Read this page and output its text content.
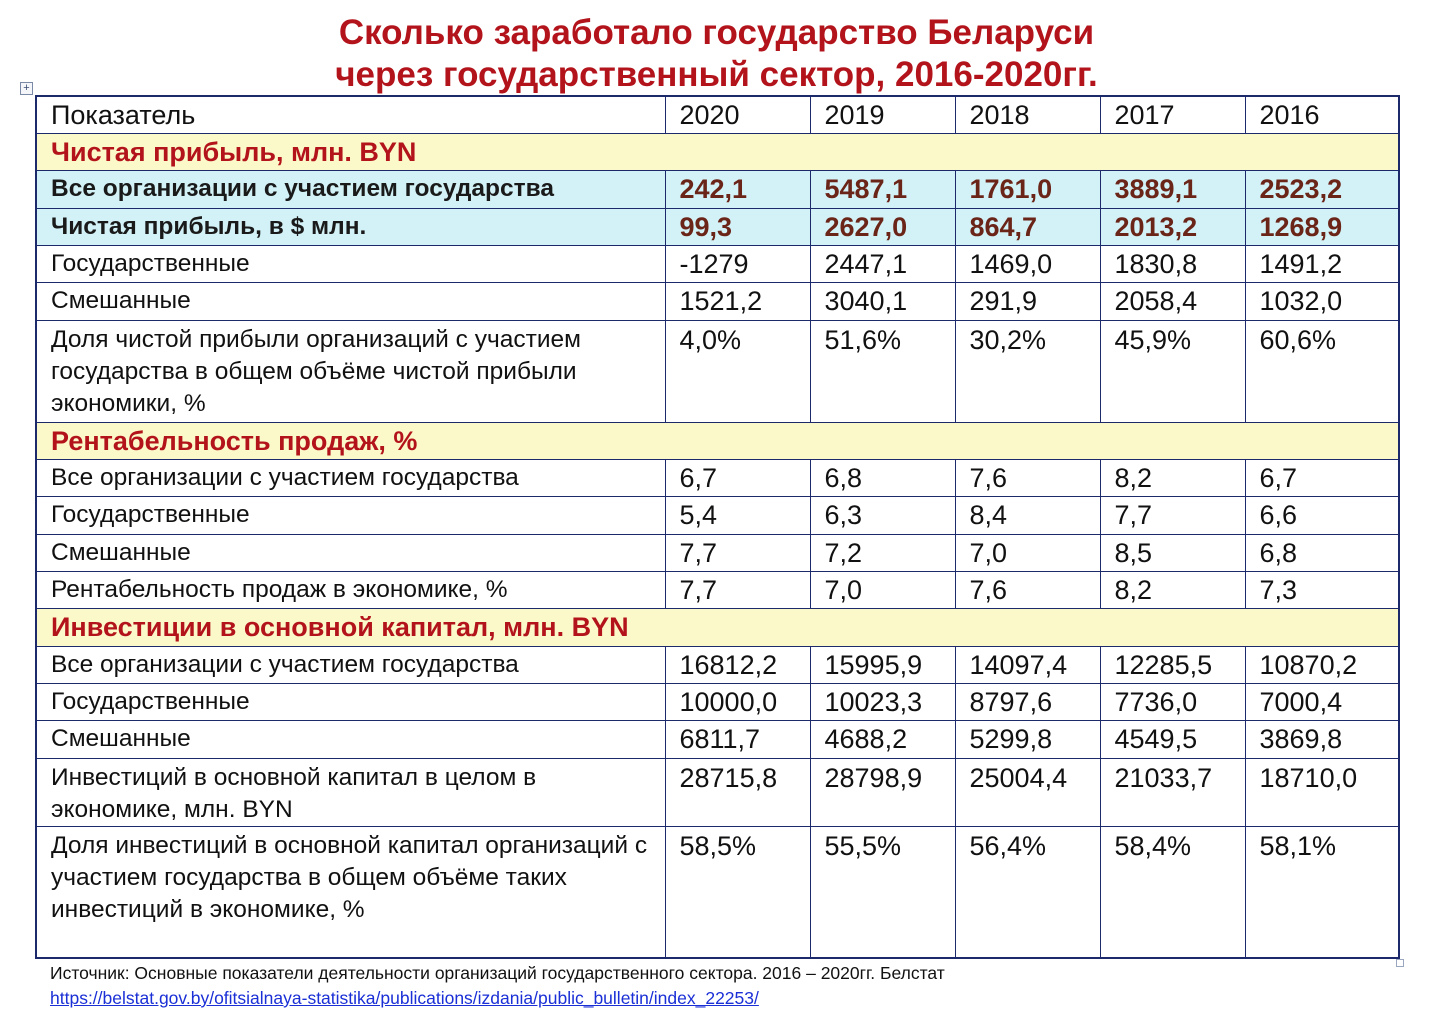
Сколько заработало государство Беларуси
через государственный сектор, 2016-2020гг.
+
Показатель	2020	2019	2018	2017	2016
Чистая прибыль, млн. BYN					
Все организации с участием государства	242,1	5487,1	1761,0	3889,1	2523,2
Чистая прибыль, в $ млн.	99,3	2627,0	864,7	2013,2	1268,9
Государственные	-1279	2447,1	1469,0	1830,8	1491,2
Смешанные	1521,2	3040,1	291,9	2058,4	1032,0
Доля чистой прибыли организаций с участием государства в общем объёме чистой прибыли экономики, %	4,0%	51,6%	30,2%	45,9%	60,6%
Рентабельность продаж, %					
Все организации с участием государства	6,7	6,8	7,6	8,2	6,7
Государственные	5,4	6,3	8,4	7,7	6,6
Смешанные	7,7	7,2	7,0	8,5	6,8
Рентабельность продаж в экономике, %	7,7	7,0	7,6	8,2	7,3
Инвестиции в основной капитал, млн. BYN					
Все организации с участием государства	16812,2	15995,9	14097,4	12285,5	10870,2
Государственные	10000,0	10023,3	8797,6	7736,0	7000,4
Смешанные	6811,7	4688,2	5299,8	4549,5	3869,8
Инвестиций в основной капитал в целом в экономике, млн. BYN	28715,8	28798,9	25004,4	21033,7	18710,0
Доля инвестиций в основной капитал организаций с участием государства в общем объёме таких инвестиций в экономике, %	58,5%	55,5%	56,4%	58,4%	58,1%
Источник: Основные показатели деятельности организаций государственного сектора. 2016 – 2020гг. Белстат
https://belstat.gov.by/ofitsialnaya-statistika/publications/izdania/public_bulletin/index_22253/
